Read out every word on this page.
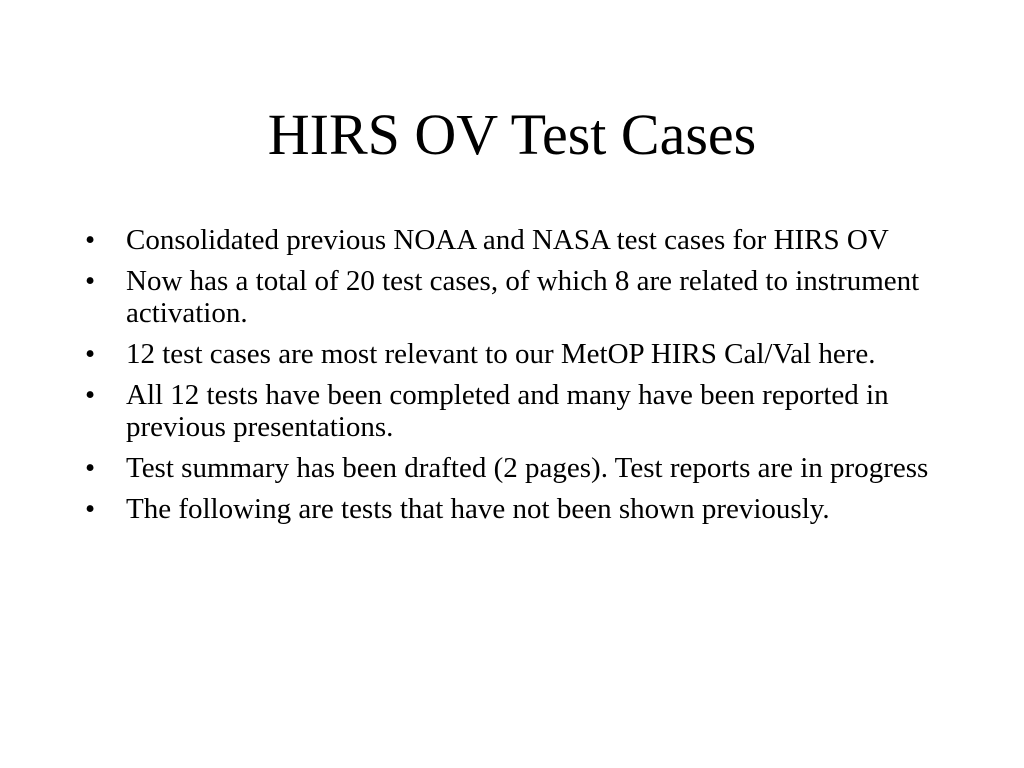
HIRS OV Test Cases
• Consolidated previous NOAA and NASA test cases for HIRS OV
• Now has a total of 20 test cases, of which 8 are related to instrument activation.
• 12 test cases are most relevant to our MetOP HIRS Cal/Val here.
• All 12 tests have been completed and many have been reported in previous presentations.
• Test summary has been drafted (2 pages). Test reports are in progress
• The following are tests that have not been shown previously.
